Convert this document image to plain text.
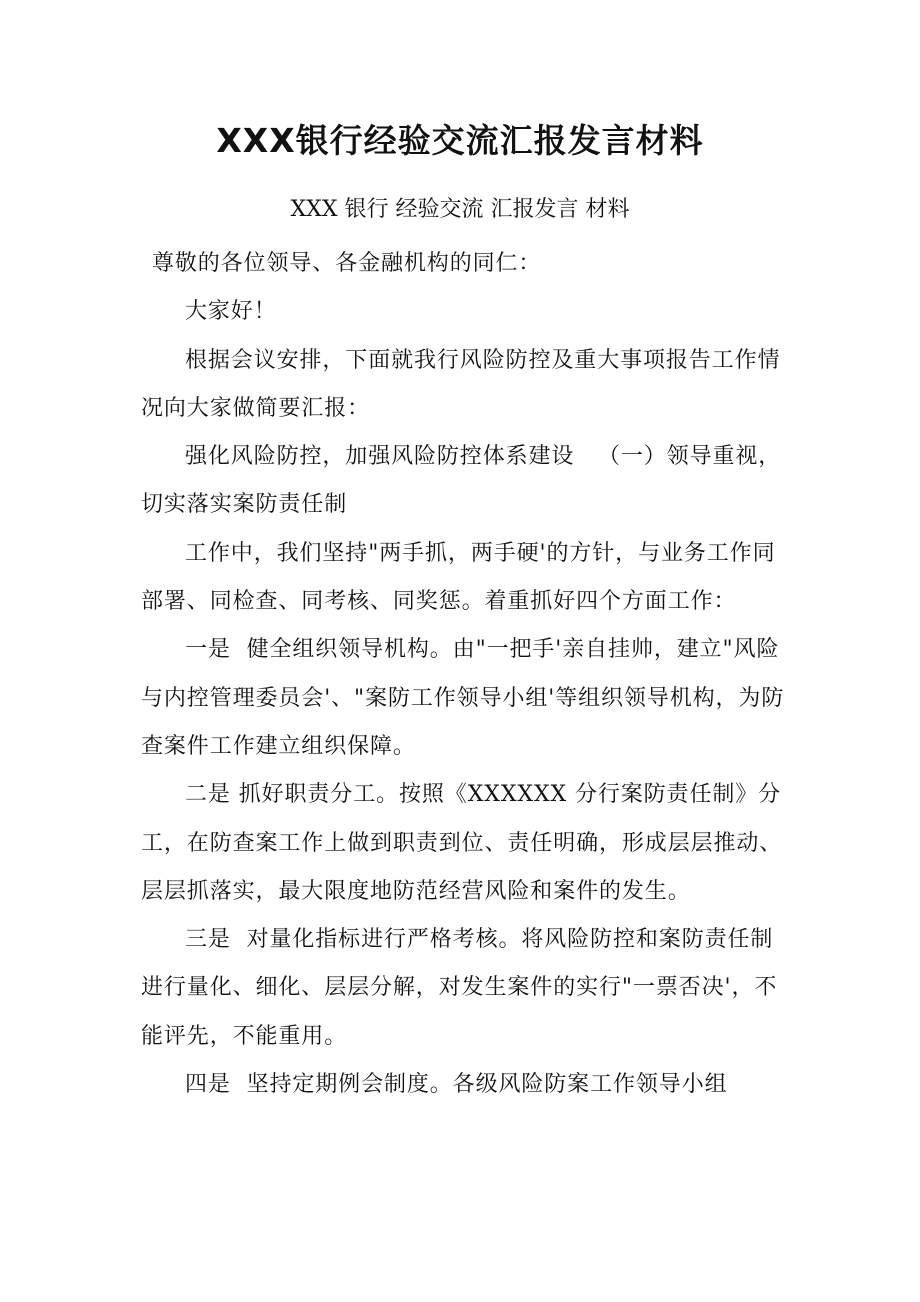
XXX银行经验交流汇报发言材料
XXX 银行 经验交流 汇报发言 材料

尊敬的各位领导、各金融机构的同仁：

大家好！

根据会议安排，下面就我行风险防控及重大事项报告工作情况向大家做简要汇报：

强化风险防控，加强风险防控体系建设   （一）领导重视，切实落实案防责任制

工作中，我们坚持"两手抓，两手硬'的方针，与业务工作同部署、同检查、同考核、同奖惩。着重抓好四个方面工作：

一是  健全组织领导机构。由"一把手'亲自挂帅，建立"风险与内控管理委员会'、"案防工作领导小组'等组织领导机构，为防查案件工作建立组织保障。

二是 抓好职责分工。按照《XXXXXX 分行案防责任制》分工，在防查案工作上做到职责到位、责任明确，形成层层推动、层层抓落实，最大限度地防范经营风险和案件的发生。

三是  对量化指标进行严格考核。将风险防控和案防责任制进行量化、细化、层层分解，对发生案件的实行"一票否决'，不能评先，不能重用。

四是  坚持定期例会制度。各级风险防案工作领导小组
